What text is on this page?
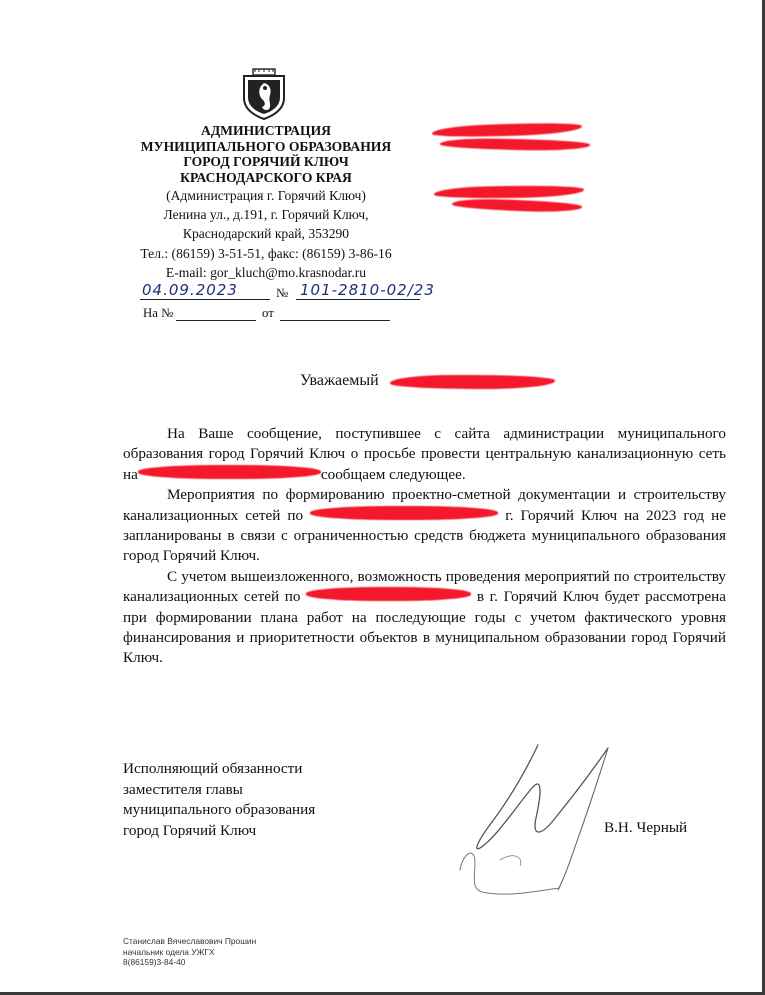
АДМИНИСТРАЦИЯ
МУНИЦИПАЛЬНОГО ОБРАЗОВАНИЯ
ГОРОД ГОРЯЧИЙ КЛЮЧ
КРАСНОДАРСКОГО КРАЯ
(Администрация г. Горячий Ключ)
Ленина ул., д.191, г. Горячий Ключ,
Краснодарский край, 353290
Тел.: (86159) 3-51-51, факс: (86159) 3-86-16
E-mail: gor_kluch@mo.krasnodar.ru
04.09.2023	№ 101-2810-02/23
На №	от
Уважаемый

На Ваше сообщение, поступившее с сайта администрации муниципального образования город Горячий Ключ о просьбе провести центральную канализационную сеть на	сообщаем следующее.

Мероприятия по формированию проектно-сметной документации и строительству канализационных сетей по	г. Горячий Ключ на 2023 год не запланированы в связи с ограниченностью средств бюджета муниципального образования город Горячий Ключ.

С учетом вышеизложенного, возможность проведения мероприятий по строительству канализационных сетей по	в г. Горячий Ключ будет рассмотрена при формировании плана работ на последующие годы с учетом фактического уровня финансирования и приоритетности объектов в муниципальном образовании город Горячий Ключ.

Исполняющий обязанности
заместителя главы
муниципального образования
город Горячий Ключ	В.Н. Черный
Станислав Вячеславович Прошин
начальник одела УЖГХ
8(86159)3-84-40
